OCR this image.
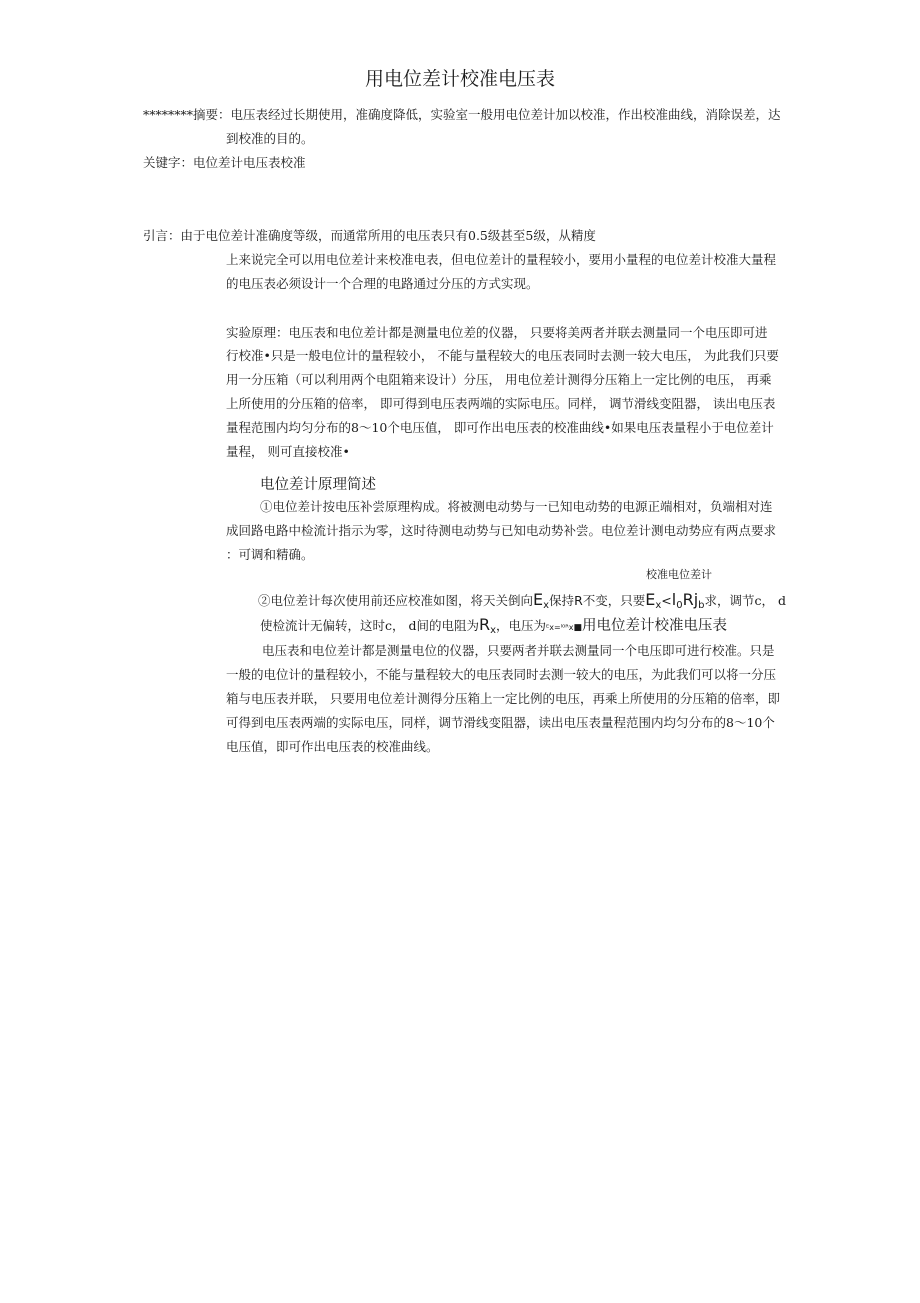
用电位差计校准电压表
********摘要：电压表经过长期使用，准确度降低，实验室一般用电位差计加以校准，作出校准曲线，消除误差，达
到校准的目的。
关键字：电位差计电压表校准
引言：由于电位差计准确度等级，而通常所用的电压表只有0.5级甚至5级，从精度
上来说完全可以用电位差计来校准电表，但电位差计的量程较小，要用小量程的电位差计校准大量程
的电压表必须设计一个合理的电路通过分压的方式实现。
实验原理：电压表和电位差计都是测量电位差的仪器， 只要将美两者并联去测量同一个电压即可进
行校准•只是一般电位计的量程较小， 不能与量程较大的电压表同时去测一较大电压， 为此我们只要
用一分压箱（可以利用两个电阻箱来设计）分压， 用电位差计测得分压箱上一定比例的电压， 再乘
上所使用的分压箱的倍率， 即可得到电压表两端的实际电压。同样， 调节滑线变阻器， 读出电压表
量程范围内均匀分布的8～10个电压值， 即可作出电压表的校准曲线•如果电压表量程小于电位差计
量程， 则可直接校准•
电位差计原理简述
①电位差计按电压补尝原理构成。将被测电动势与一已知电动势的电源正端相对，负端相对连
成回路电路中检流计指示为零，这时待测电动势与已知电动势补尝。电位差计测电动势应有两点要求
：可调和精确。
校准电位差计
②电位差计每次使用前还应校准如图，将天关倒向$E_x$保持R不变，只要$E_x<l_0Rj_b$求，调节c， d
使检流计无偏转，这时c， d间的电阻为$R_x$，电压为ᴱx=ˡ⁰ᴿx■用电位差计校准电压表
电压表和电位差计都是测量电位的仪器，只要两者并联去测量同一个电压即可进行校准。只是
一般的电位计的量程较小，不能与量程较大的电压表同时去测一较大的电压，为此我们可以将一分压
箱与电压表并联， 只要用电位差计测得分压箱上一定比例的电压，再乘上所使用的分压箱的倍率，即
可得到电压表两端的实际电压，同样，调节滑线变阻器，读出电压表量程范围内均匀分布的8～10个
电压值，即可作出电压表的校准曲线。
